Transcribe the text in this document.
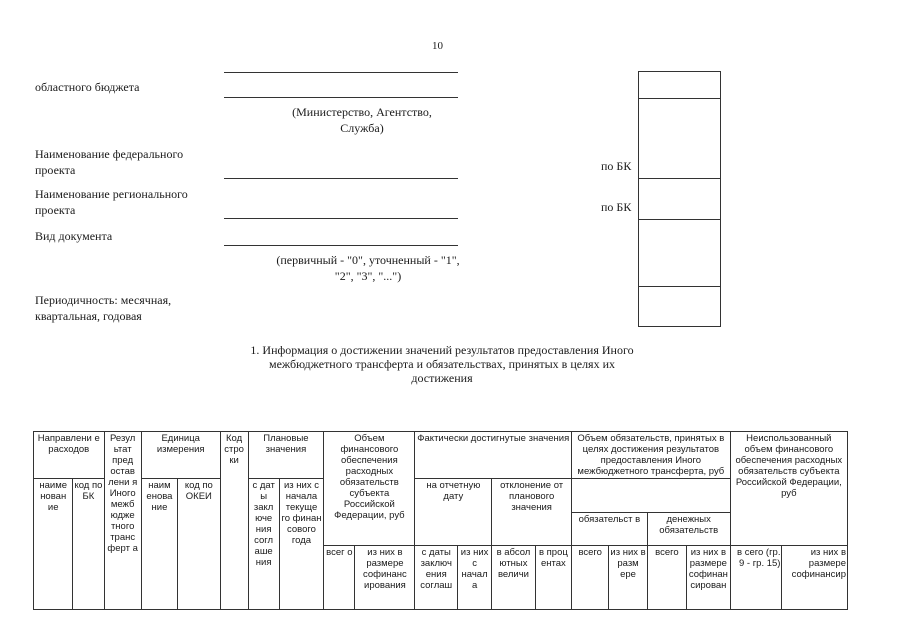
10
областного бюджета
(Министерство, Агентство, Служба)
Наименование федерального проекта
Наименование регионального проекта
Вид документа
(первичный - "0", уточненный - "1", "2", "3", "...")
Периодичность: месячная, квартальная, годовая
по БК
по БК
1. Информация о достижении значений результатов предоставления Иного межбюджетного трансферта и обязательствах, принятых в целях их достижения
Направлени е расходов		Резул ьтат пред остав лени я Иного межб юдже тного транс ферт а	Единица измерения		Код стро ки	Плановые значения		Объем финансового обеспечения расходных обязательств субъекта Российской Федерации, руб		Фактически достигнутые значения				Объем обязательств, принятых в целях достижения результатов предоставления Иного межбюджетного трансферта, руб				Неиспользованный объем финансового обеспечения расходных обязательств субъекта Российской Федерации, руб	
наиме нован ие	код по БК		наим енова ние	код по ОКЕИ		с дат ы закл юче ния согл аше ния	из них с начала текуще го финан сового года			на отчетную дату		отклонение от планового значения							
														обязательст в		денежных обязательств			
								всег о	из них в размере софинанс ирования	с даты заключ ения соглаш	из них с начал а	в абсол ютных величи	в проц ентах	всего	из них в разм ере	всего	из них в размере софинан сирован	в сего (гр. 9 - гр. 15)	из них в размере софинансир
